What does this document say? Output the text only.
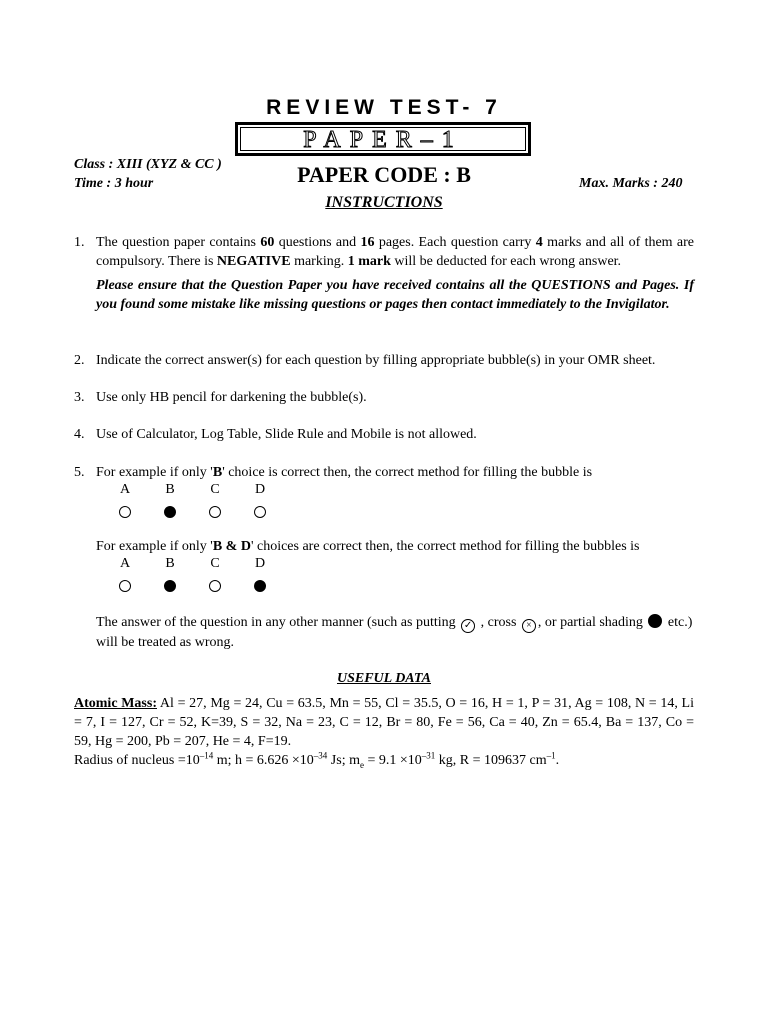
REVIEW TEST- 7
PAPER–1
Class : XIII (XYZ & CC )
Time : 3 hour	PAPER CODE : B	Max. Marks : 240
INSTRUCTIONS
1. The question paper contains 60 questions and 16 pages. Each question carry 4 marks and all of them are compulsory. There is NEGATIVE marking. 1 mark will be deducted for each wrong answer.
Please ensure that the Question Paper you have received contains all the QUESTIONS and Pages. If you found some mistake like missing questions or pages then contact immediately to the Invigilator.
2. Indicate the correct answer(s) for each question by filling appropriate bubble(s) in your OMR sheet.
3. Use only HB pencil for darkening the bubble(s).
4. Use of Calculator, Log Table, Slide Rule and Mobile is not allowed.
5. For example if only 'B' choice is correct then, the correct method for filling the bubble is
A	B	C	D
For example if only 'B & D' choices are correct then, the correct method for filling the bubbles is
A	B	C	D
The answer of the question in any other manner (such as putting ✓ , cross × , or partial shading etc.) will be treated as wrong.
USEFUL DATA
Atomic Mass: Al = 27, Mg = 24, Cu = 63.5, Mn = 55, Cl = 35.5, O = 16, H = 1, P = 31, Ag = 108, N = 14, Li = 7, I = 127, Cr = 52, K=39, S = 32, Na = 23, C = 12, Br = 80, Fe = 56, Ca = 40, Zn = 65.4, Ba = 137, Co = 59, Hg = 200, Pb = 207, He = 4, F=19.
Radius of nucleus $=10^{-14}$ m; $h = 6.626 \times 10^{-34}$ Js; $m_e = 9.1 \times 10^{-31}$ kg, R = 109637 $cm^{-1}$.
